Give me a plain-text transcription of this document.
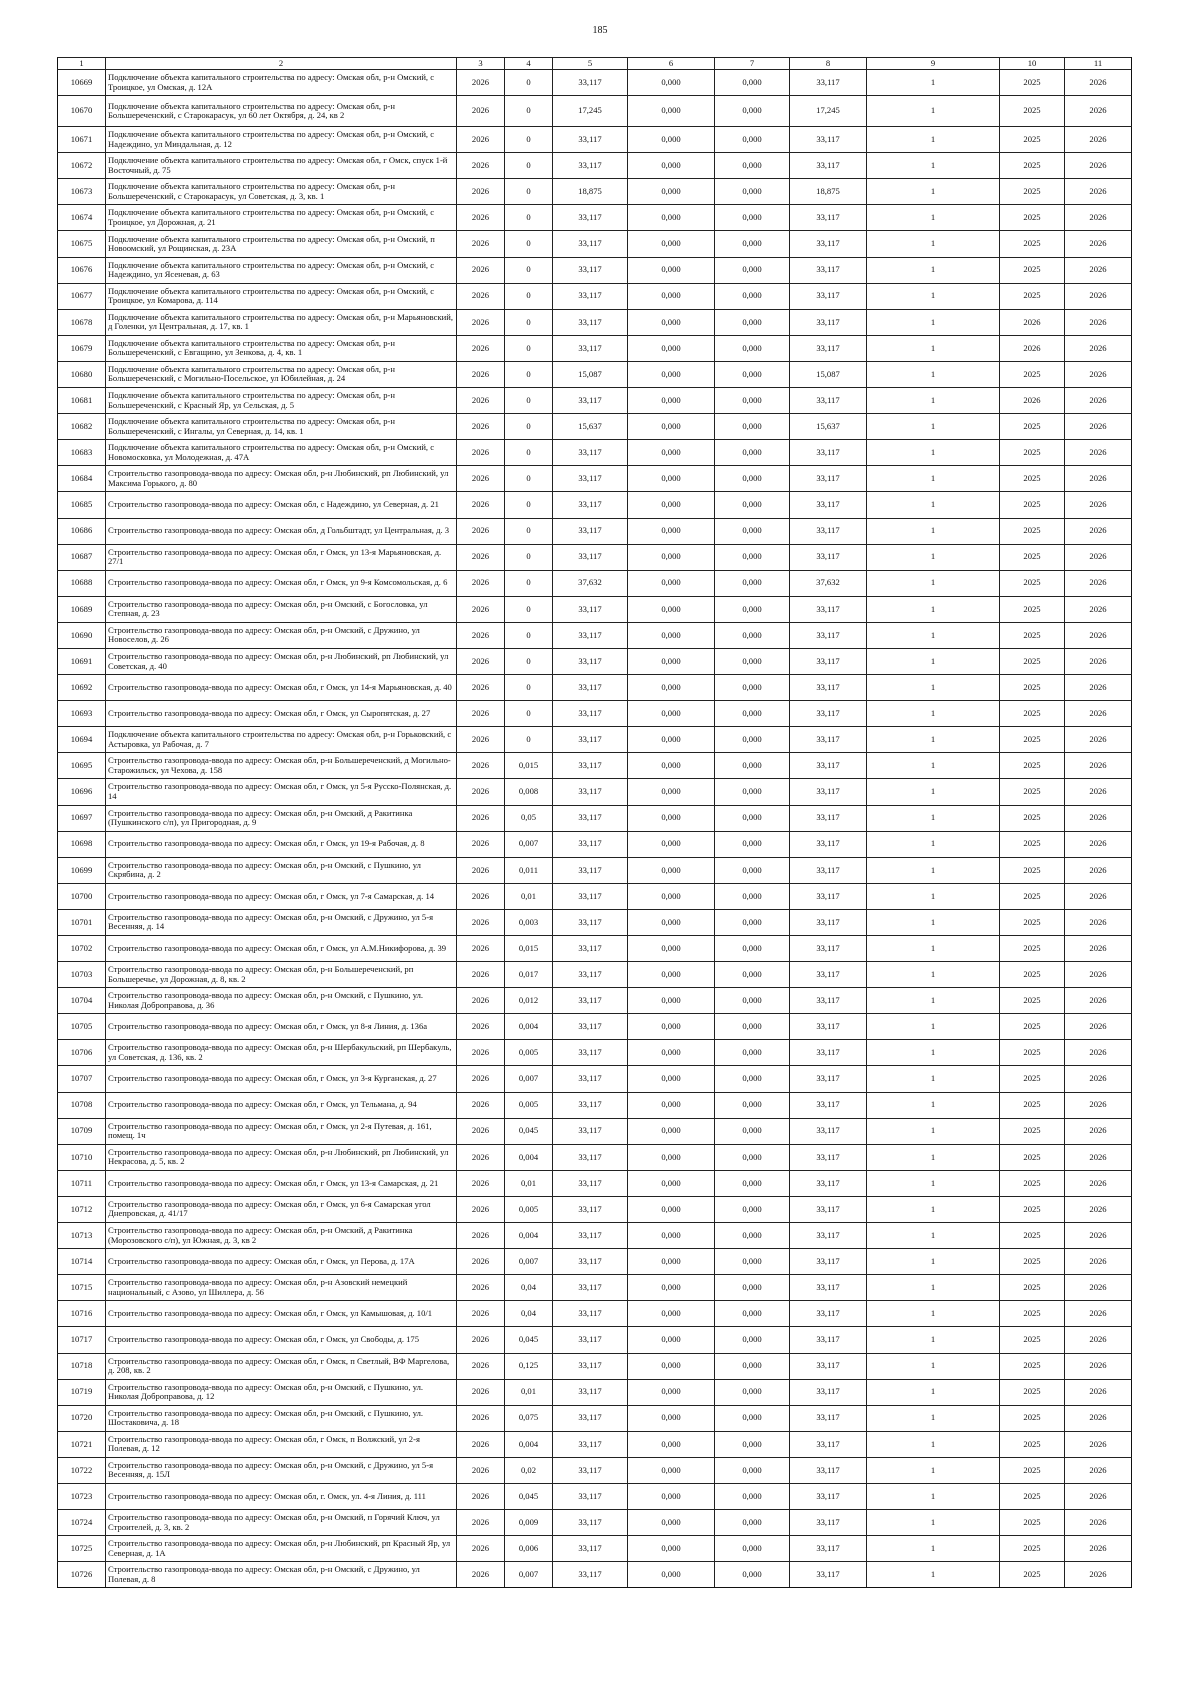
185
1	2	3	4	5	6	7	8	9	10	11
10669	Подключение объекта капитального строительства по адресу: Омская обл, р-н Омский, с Троицкое, ул Омская, д. 12А	2026	0	33,117	0,000	0,000	33,117	1	2025	2026
10670	Подключение объекта капитального строительства по адресу: Омская обл, р-н Большереченский, с Старокарасук, ул 60 лет Октября, д. 24, кв 2	2026	0	17,245	0,000	0,000	17,245	1	2025	2026
10671	Подключение объекта капитального строительства по адресу: Омская обл, р-н Омский, с Надеждино, ул Миндальная, д. 12	2026	0	33,117	0,000	0,000	33,117	1	2025	2026
10672	Подключение объекта капитального строительства по адресу: Омская обл, г Омск, спуск 1-й Восточный, д. 75	2026	0	33,117	0,000	0,000	33,117	1	2025	2026
10673	Подключение объекта капитального строительства по адресу: Омская обл, р-н Большереченский, с Старокарасук, ул Советская, д. 3, кв. 1	2026	0	18,875	0,000	0,000	18,875	1	2025	2026
10674	Подключение объекта капитального строительства по адресу: Омская обл, р-н Омский, с Троицкое, ул Дорожная, д. 21	2026	0	33,117	0,000	0,000	33,117	1	2025	2026
10675	Подключение объекта капитального строительства по адресу: Омская обл, р-н Омский, п Новоомский, ул Рощинская, д. 23А	2026	0	33,117	0,000	0,000	33,117	1	2025	2026
10676	Подключение объекта капитального строительства по адресу: Омская обл, р-н Омский, с Надеждино, ул Ясеневая, д. 63	2026	0	33,117	0,000	0,000	33,117	1	2025	2026
10677	Подключение объекта капитального строительства по адресу: Омская обл, р-н Омский, с Троицкое, ул Комарова, д. 114	2026	0	33,117	0,000	0,000	33,117	1	2025	2026
10678	Подключение объекта капитального строительства по адресу: Омская обл, р-н Марьяновский, д Голенки, ул Центральная, д. 17, кв. 1	2026	0	33,117	0,000	0,000	33,117	1	2026	2026
10679	Подключение объекта капитального строительства по адресу: Омская обл, р-н Большереченский, с Евгащино, ул Зенкова, д. 4, кв. 1	2026	0	33,117	0,000	0,000	33,117	1	2026	2026
10680	Подключение объекта капитального строительства по адресу: Омская обл, р-н Большереченский, с Могильно-Посельское, ул Юбилейная, д. 24	2026	0	15,087	0,000	0,000	15,087	1	2025	2026
10681	Подключение объекта капитального строительства по адресу: Омская обл, р-н Большереченский, с Красный Яр, ул Сельская, д. 5	2026	0	33,117	0,000	0,000	33,117	1	2026	2026
10682	Подключение объекта капитального строительства по адресу: Омская обл, р-н Большереченский, с Ингалы, ул Северная, д. 14, кв. 1	2026	0	15,637	0,000	0,000	15,637	1	2025	2026
10683	Подключение объекта капитального строительства по адресу: Омская обл, р-н Омский, с Новомосковка, ул Молодежная, д. 47А	2026	0	33,117	0,000	0,000	33,117	1	2025	2026
10684	Строительство газопровода-ввода по адресу: Омская обл, р-н Любинский, рп Любинский, ул Максима Горького, д. 80	2026	0	33,117	0,000	0,000	33,117	1	2025	2026
10685	Строительство газопровода-ввода по адресу: Омская обл, с Надеждино, ул Северная, д. 21	2026	0	33,117	0,000	0,000	33,117	1	2025	2026
10686	Строительство газопровода-ввода по адресу: Омская обл, д Гольбштадт, ул Центральная, д. 3	2026	0	33,117	0,000	0,000	33,117	1	2025	2026
10687	Строительство газопровода-ввода по адресу: Омская обл, г Омск, ул 13-я Марьяновская, д. 27/1	2026	0	33,117	0,000	0,000	33,117	1	2025	2026
10688	Строительство газопровода-ввода по адресу: Омская обл, г Омск, ул 9-я Комсомольская, д. 6	2026	0	37,632	0,000	0,000	37,632	1	2025	2026
10689	Строительство газопровода-ввода по адресу: Омская обл, р-н Омский, с Богословка, ул Степная, д. 23	2026	0	33,117	0,000	0,000	33,117	1	2025	2026
10690	Строительство газопровода-ввода по адресу: Омская обл, р-н Омский, с Дружино, ул Новоселов, д. 26	2026	0	33,117	0,000	0,000	33,117	1	2025	2026
10691	Строительство газопровода-ввода по адресу: Омская обл, р-н Любинский, рп Любинский, ул Советская, д. 40	2026	0	33,117	0,000	0,000	33,117	1	2025	2026
10692	Строительство газопровода-ввода по адресу: Омская обл, г Омск, ул 14-я Марьяновская, д. 40	2026	0	33,117	0,000	0,000	33,117	1	2025	2026
10693	Строительство газопровода-ввода по адресу: Омская обл, г Омск, ул Сыропятская, д. 27	2026	0	33,117	0,000	0,000	33,117	1	2025	2026
10694	Подключение объекта капитального строительства по адресу: Омская обл, р-н Горьковский, с Астыровка, ул Рабочая, д. 7	2026	0	33,117	0,000	0,000	33,117	1	2025	2026
10695	Строительство газопровода-ввода по адресу: Омская обл, р-н Большереченский, д Могильно-Старожильск, ул Чехова, д. 158	2026	0,015	33,117	0,000	0,000	33,117	1	2025	2026
10696	Строительство газопровода-ввода по адресу: Омская обл, г Омск, ул 5-я Русско-Полянская, д. 14	2026	0,008	33,117	0,000	0,000	33,117	1	2025	2026
10697	Строительство газопровода-ввода по адресу: Омская обл, р-н Омский, д Ракитинка (Пушкинского с/п), ул Пригородная, д. 9	2026	0,05	33,117	0,000	0,000	33,117	1	2025	2026
10698	Строительство газопровода-ввода по адресу: Омская обл, г Омск, ул 19-я Рабочая, д. 8	2026	0,007	33,117	0,000	0,000	33,117	1	2025	2026
10699	Строительство газопровода-ввода по адресу: Омская обл, р-н Омский, с Пушкино, ул Скрябина, д. 2	2026	0,011	33,117	0,000	0,000	33,117	1	2025	2026
10700	Строительство газопровода-ввода по адресу: Омская обл, г Омск, ул 7-я Самарская, д. 14	2026	0,01	33,117	0,000	0,000	33,117	1	2025	2026
10701	Строительство газопровода-ввода по адресу: Омская обл, р-н Омский, с Дружино, ул 5-я Весенняя, д. 14	2026	0,003	33,117	0,000	0,000	33,117	1	2025	2026
10702	Строительство газопровода-ввода по адресу: Омская обл, г Омск, ул А.М.Никифорова, д. 39	2026	0,015	33,117	0,000	0,000	33,117	1	2025	2026
10703	Строительство газопровода-ввода по адресу: Омская обл, р-н Большереченский, рп Большеречье, ул Дорожная, д. 8, кв. 2	2026	0,017	33,117	0,000	0,000	33,117	1	2025	2026
10704	Строительство газопровода-ввода по адресу: Омская обл, р-н Омский, с Пушкино, ул. Николая Доброправова, д. 36	2026	0,012	33,117	0,000	0,000	33,117	1	2025	2026
10705	Строительство газопровода-ввода по адресу: Омская обл, г Омск, ул 8-я Линия, д. 136а	2026	0,004	33,117	0,000	0,000	33,117	1	2025	2026
10706	Строительство газопровода-ввода по адресу: Омская обл, р-н Шербакульский, рп Шербакуль, ул Советская, д. 136, кв. 2	2026	0,005	33,117	0,000	0,000	33,117	1	2025	2026
10707	Строительство газопровода-ввода по адресу: Омская обл, г Омск, ул 3-я Курганская, д. 27	2026	0,007	33,117	0,000	0,000	33,117	1	2025	2026
10708	Строительство газопровода-ввода по адресу: Омская обл, г Омск, ул Тельмана, д. 94	2026	0,005	33,117	0,000	0,000	33,117	1	2025	2026
10709	Строительство газопровода-ввода по адресу: Омская обл, г Омск, ул 2-я Путевая, д. 161, помещ. 1ч	2026	0,045	33,117	0,000	0,000	33,117	1	2025	2026
10710	Строительство газопровода-ввода по адресу: Омская обл, р-н Любинский, рп Любинский, ул Некрасова, д. 5, кв. 2	2026	0,004	33,117	0,000	0,000	33,117	1	2025	2026
10711	Строительство газопровода-ввода по адресу: Омская обл, г Омск, ул 13-я Самарская, д. 21	2026	0,01	33,117	0,000	0,000	33,117	1	2025	2026
10712	Строительство газопровода-ввода по адресу: Омская обл, г Омск, ул 6-я Самарская угол Днепровская, д. 41/17	2026	0,005	33,117	0,000	0,000	33,117	1	2025	2026
10713	Строительство газопровода-ввода по адресу: Омская обл, р-н Омский, д Ракитинка (Морозовского с/п), ул Южная, д. 3, кв 2	2026	0,004	33,117	0,000	0,000	33,117	1	2025	2026
10714	Строительство газопровода-ввода по адресу: Омская обл, г Омск, ул Перова, д. 17А	2026	0,007	33,117	0,000	0,000	33,117	1	2025	2026
10715	Строительство газопровода-ввода по адресу: Омская обл, р-н Азовский немецкий национальный, с Азово, ул Шиллера, д. 56	2026	0,04	33,117	0,000	0,000	33,117	1	2025	2026
10716	Строительство газопровода-ввода по адресу: Омская обл, г Омск, ул Камышовая, д. 10/1	2026	0,04	33,117	0,000	0,000	33,117	1	2025	2026
10717	Строительство газопровода-ввода по адресу: Омская обл, г Омск, ул Свободы, д. 175	2026	0,045	33,117	0,000	0,000	33,117	1	2025	2026
10718	Строительство газопровода-ввода по адресу: Омская обл, г Омск, п Светлый, ВФ Маргелова, д. 208, кв. 2	2026	0,125	33,117	0,000	0,000	33,117	1	2025	2026
10719	Строительство газопровода-ввода по адресу: Омская обл, р-н Омский, с Пушкино, ул. Николая Доброправова, д. 12	2026	0,01	33,117	0,000	0,000	33,117	1	2025	2026
10720	Строительство газопровода-ввода по адресу: Омская обл, р-н Омский, с Пушкино, ул. Шостаковича, д. 18	2026	0,075	33,117	0,000	0,000	33,117	1	2025	2026
10721	Строительство газопровода-ввода по адресу: Омская обл, г Омск, п Волжский, ул 2-я Полевая, д. 12	2026	0,004	33,117	0,000	0,000	33,117	1	2025	2026
10722	Строительство газопровода-ввода по адресу: Омская обл, р-н Омский, с Дружино, ул 5-я Весенняя, д. 15Л	2026	0,02	33,117	0,000	0,000	33,117	1	2025	2026
10723	Строительство газопровода-ввода по адресу: Омская обл, г. Омск, ул. 4-я Линия, д. 111	2026	0,045	33,117	0,000	0,000	33,117	1	2025	2026
10724	Строительство газопровода-ввода по адресу: Омская обл, р-н Омский, п Горячий Ключ, ул Строителей, д. 3, кв. 2	2026	0,009	33,117	0,000	0,000	33,117	1	2025	2026
10725	Строительство газопровода-ввода по адресу: Омская обл, р-н Любинский, рп Красный Яр, ул Северная, д. 1А	2026	0,006	33,117	0,000	0,000	33,117	1	2025	2026
10726	Строительство газопровода-ввода по адресу: Омская обл, р-н Омский, с Дружино, ул Полевая, д. 8	2026	0,007	33,117	0,000	0,000	33,117	1	2025	2026
